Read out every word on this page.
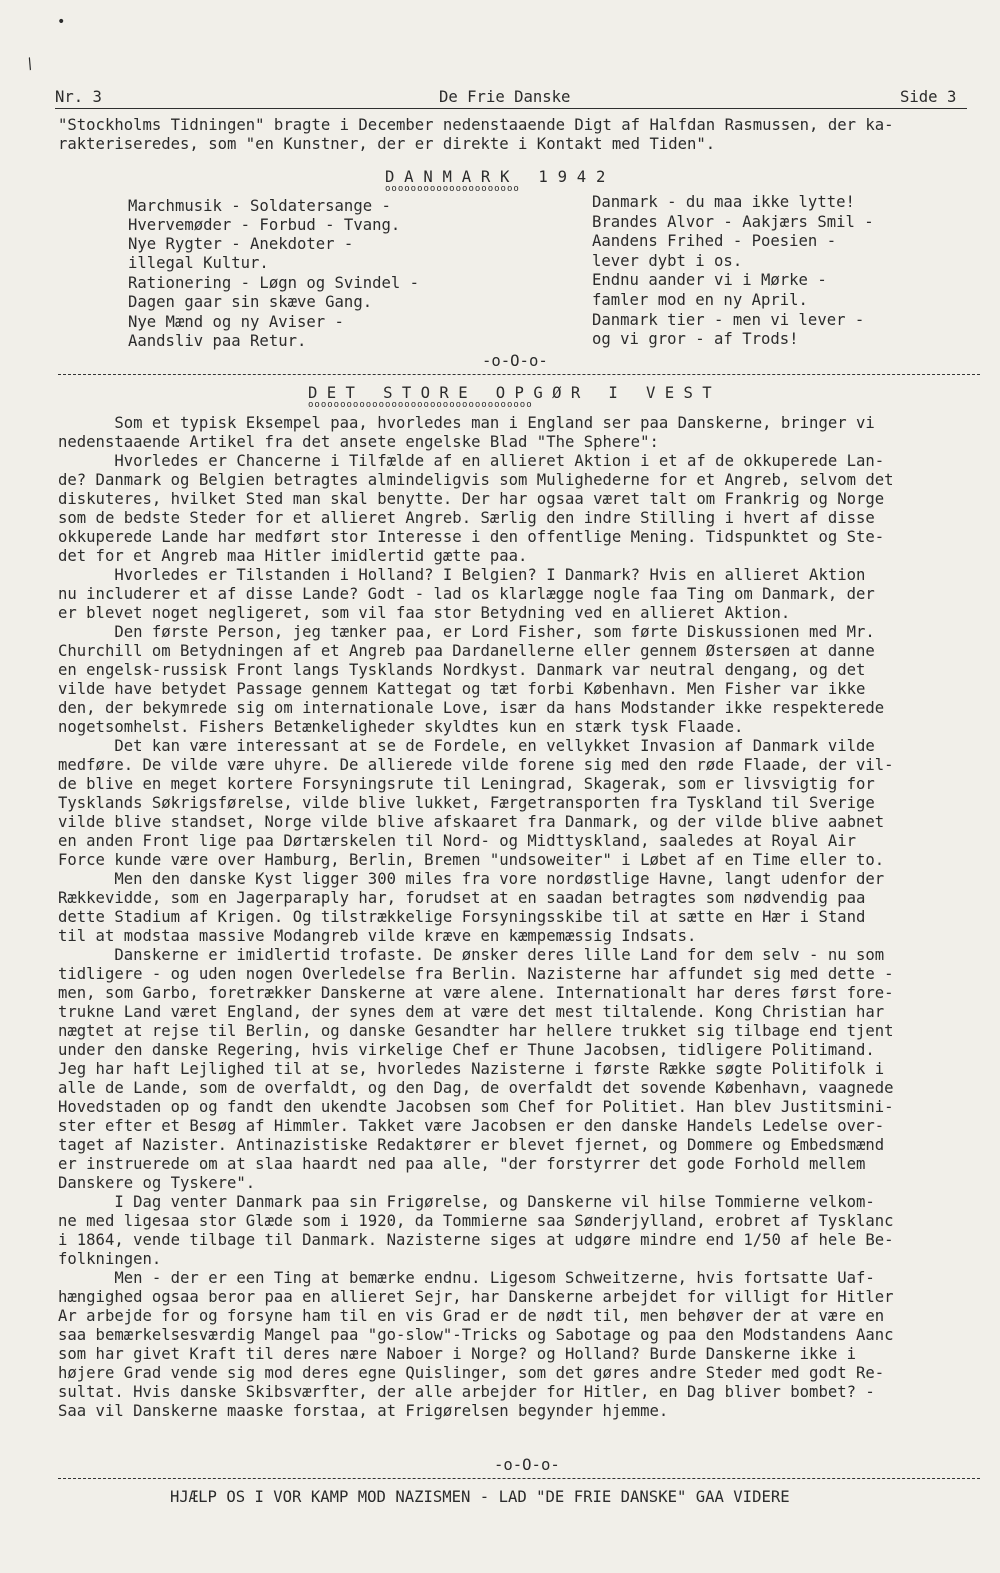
•
/
Nr. 3	De Frie Danske	Side 3
"Stockholms Tidningen" bragte i December nedenstaaende Digt af Halfdan Rasmussen, der ka-
rakteriseredes, som "en Kunstner, der er direkte i Kontakt med Tiden".
D A N M A R K   1 9 4 2
ooooooooooooooooooooo
Marchmusik - Soldatersange -
Hvervemøder - Forbud - Tvang.
Nye Rygter - Anekdoter -
illegal Kultur.
Rationering - Løgn og Svindel -
Dagen gaar sin skæve Gang.
Nye Mænd og ny Aviser -
Aandsliv paa Retur.
Danmark - du maa ikke lytte!
Brandes Alvor - Aakjærs Smil -
Aandens Frihed - Poesien -
lever dybt i os.
Endnu aander vi i Mørke -
famler mod en ny April.
Danmark tier - men vi lever -
og vi gror - af Trods!
-o-O-o-
D E T   S T O R E   O P G Ø R   I   V E S T
ooooooooooooooooooooooooooooooooooo
Som et typisk Eksempel paa, hvorledes man i England ser paa Danskerne, bringer vi
nedenstaaende Artikel fra det ansete engelske Blad "The Sphere":
Hvorledes er Chancerne i Tilfælde af en allieret Aktion i et af de okkuperede Lan-
de? Danmark og Belgien betragtes almindeligvis som Mulighederne for et Angreb, selvom det
diskuteres, hvilket Sted man skal benytte. Der har ogsaa været talt om Frankrig og Norge
som de bedste Steder for et allieret Angreb. Særlig den indre Stilling i hvert af disse
okkuperede Lande har medført stor Interesse i den offentlige Mening. Tidspunktet og Ste-
det for et Angreb maa Hitler imidlertid gætte paa.
Hvorledes er Tilstanden i Holland? I Belgien? I Danmark? Hvis en allieret Aktion
nu includerer et af disse Lande? Godt - lad os klarlægge nogle faa Ting om Danmark, der
er blevet noget negligeret, som vil faa stor Betydning ved en allieret Aktion.
Den første Person, jeg tænker paa, er Lord Fisher, som førte Diskussionen med Mr.
Churchill om Betydningen af et Angreb paa Dardanellerne eller gennem Østersøen at danne
en engelsk-russisk Front langs Tysklands Nordkyst. Danmark var neutral dengang, og det
vilde have betydet Passage gennem Kattegat og tæt forbi København. Men Fisher var ikke
den, der bekymrede sig om internationale Love, især da hans Modstander ikke respekterede
nogetsomhelst. Fishers Betænkeligheder skyldtes kun en stærk tysk Flaade.
Det kan være interessant at se de Fordele, en vellykket Invasion af Danmark vilde
medføre. De vilde være uhyre. De allierede vilde forene sig med den røde Flaade, der vil-
de blive en meget kortere Forsyningsrute til Leningrad, Skagerak, som er livsvigtig for
Tysklands Søkrigsførelse, vilde blive lukket, Færgetransporten fra Tyskland til Sverige
vilde blive standset, Norge vilde blive afskaaret fra Danmark, og der vilde blive aabnet
en anden Front lige paa Dørtærskelen til Nord- og Midttyskland, saaledes at Royal Air
Force kunde være over Hamburg, Berlin, Bremen "undsoweiter" i Løbet af en Time eller to.
Men den danske Kyst ligger 300 miles fra vore nordøstlige Havne, langt udenfor der
Rækkevidde, som en Jagerparaply har, forudset at en saadan betragtes som nødvendig paa
dette Stadium af Krigen. Og tilstrækkelige Forsyningsskibe til at sætte en Hær i Stand
til at modstaa massive Modangreb vilde kræve en kæmpemæssig Indsats.
Danskerne er imidlertid trofaste. De ønsker deres lille Land for dem selv - nu som
tidligere - og uden nogen Overledelse fra Berlin. Nazisterne har affundet sig med dette -
men, som Garbo, foretrækker Danskerne at være alene. Internationalt har deres først fore-
trukne Land været England, der synes dem at være det mest tiltalende. Kong Christian har
nægtet at rejse til Berlin, og danske Gesandter har hellere trukket sig tilbage end tjent
under den danske Regering, hvis virkelige Chef er Thune Jacobsen, tidligere Politimand.
Jeg har haft Lejlighed til at se, hvorledes Nazisterne i første Række søgte Politifolk i
alle de Lande, som de overfaldt, og den Dag, de overfaldt det sovende København, vaagnede
Hovedstaden op og fandt den ukendte Jacobsen som Chef for Politiet. Han blev Justitsmini-
ster efter et Besøg af Himmler. Takket være Jacobsen er den danske Handels Ledelse over-
taget af Nazister. Antinazistiske Redaktører er blevet fjernet, og Dommere og Embedsmænd
er instruerede om at slaa haardt ned paa alle, "der forstyrrer det gode Forhold mellem
Danskere og Tyskere".
I Dag venter Danmark paa sin Frigørelse, og Danskerne vil hilse Tommierne velkom-
ne med ligesaa stor Glæde som i 1920, da Tommierne saa Sønderjylland, erobret af Tysklanc
i 1864, vende tilbage til Danmark. Nazisterne siges at udgøre mindre end 1/50 af hele Be-
folkningen.
Men - der er een Ting at bemærke endnu. Ligesom Schweitzerne, hvis fortsatte Uaf-
hængighed ogsaa beror paa en allieret Sejr, har Danskerne arbejdet for villigt for Hitler
Ar arbejde for og forsyne ham til en vis Grad er de nødt til, men behøver der at være en
saa bemærkelsesværdig Mangel paa "go-slow"-Tricks og Sabotage og paa den Modstandens Aanc
som har givet Kraft til deres nære Naboer i Norge? og Holland? Burde Danskerne ikke i
højere Grad vende sig mod deres egne Quislinger, som det gøres andre Steder med godt Re-
sultat. Hvis danske Skibsværfter, der alle arbejder for Hitler, en Dag bliver bombet? -
Saa vil Danskerne maaske forstaa, at Frigørelsen begynder hjemme.
-o-O-o-
HJÆLP OS I VOR KAMP MOD NAZISMEN - LAD "DE FRIE DANSKE" GAA VIDERE
